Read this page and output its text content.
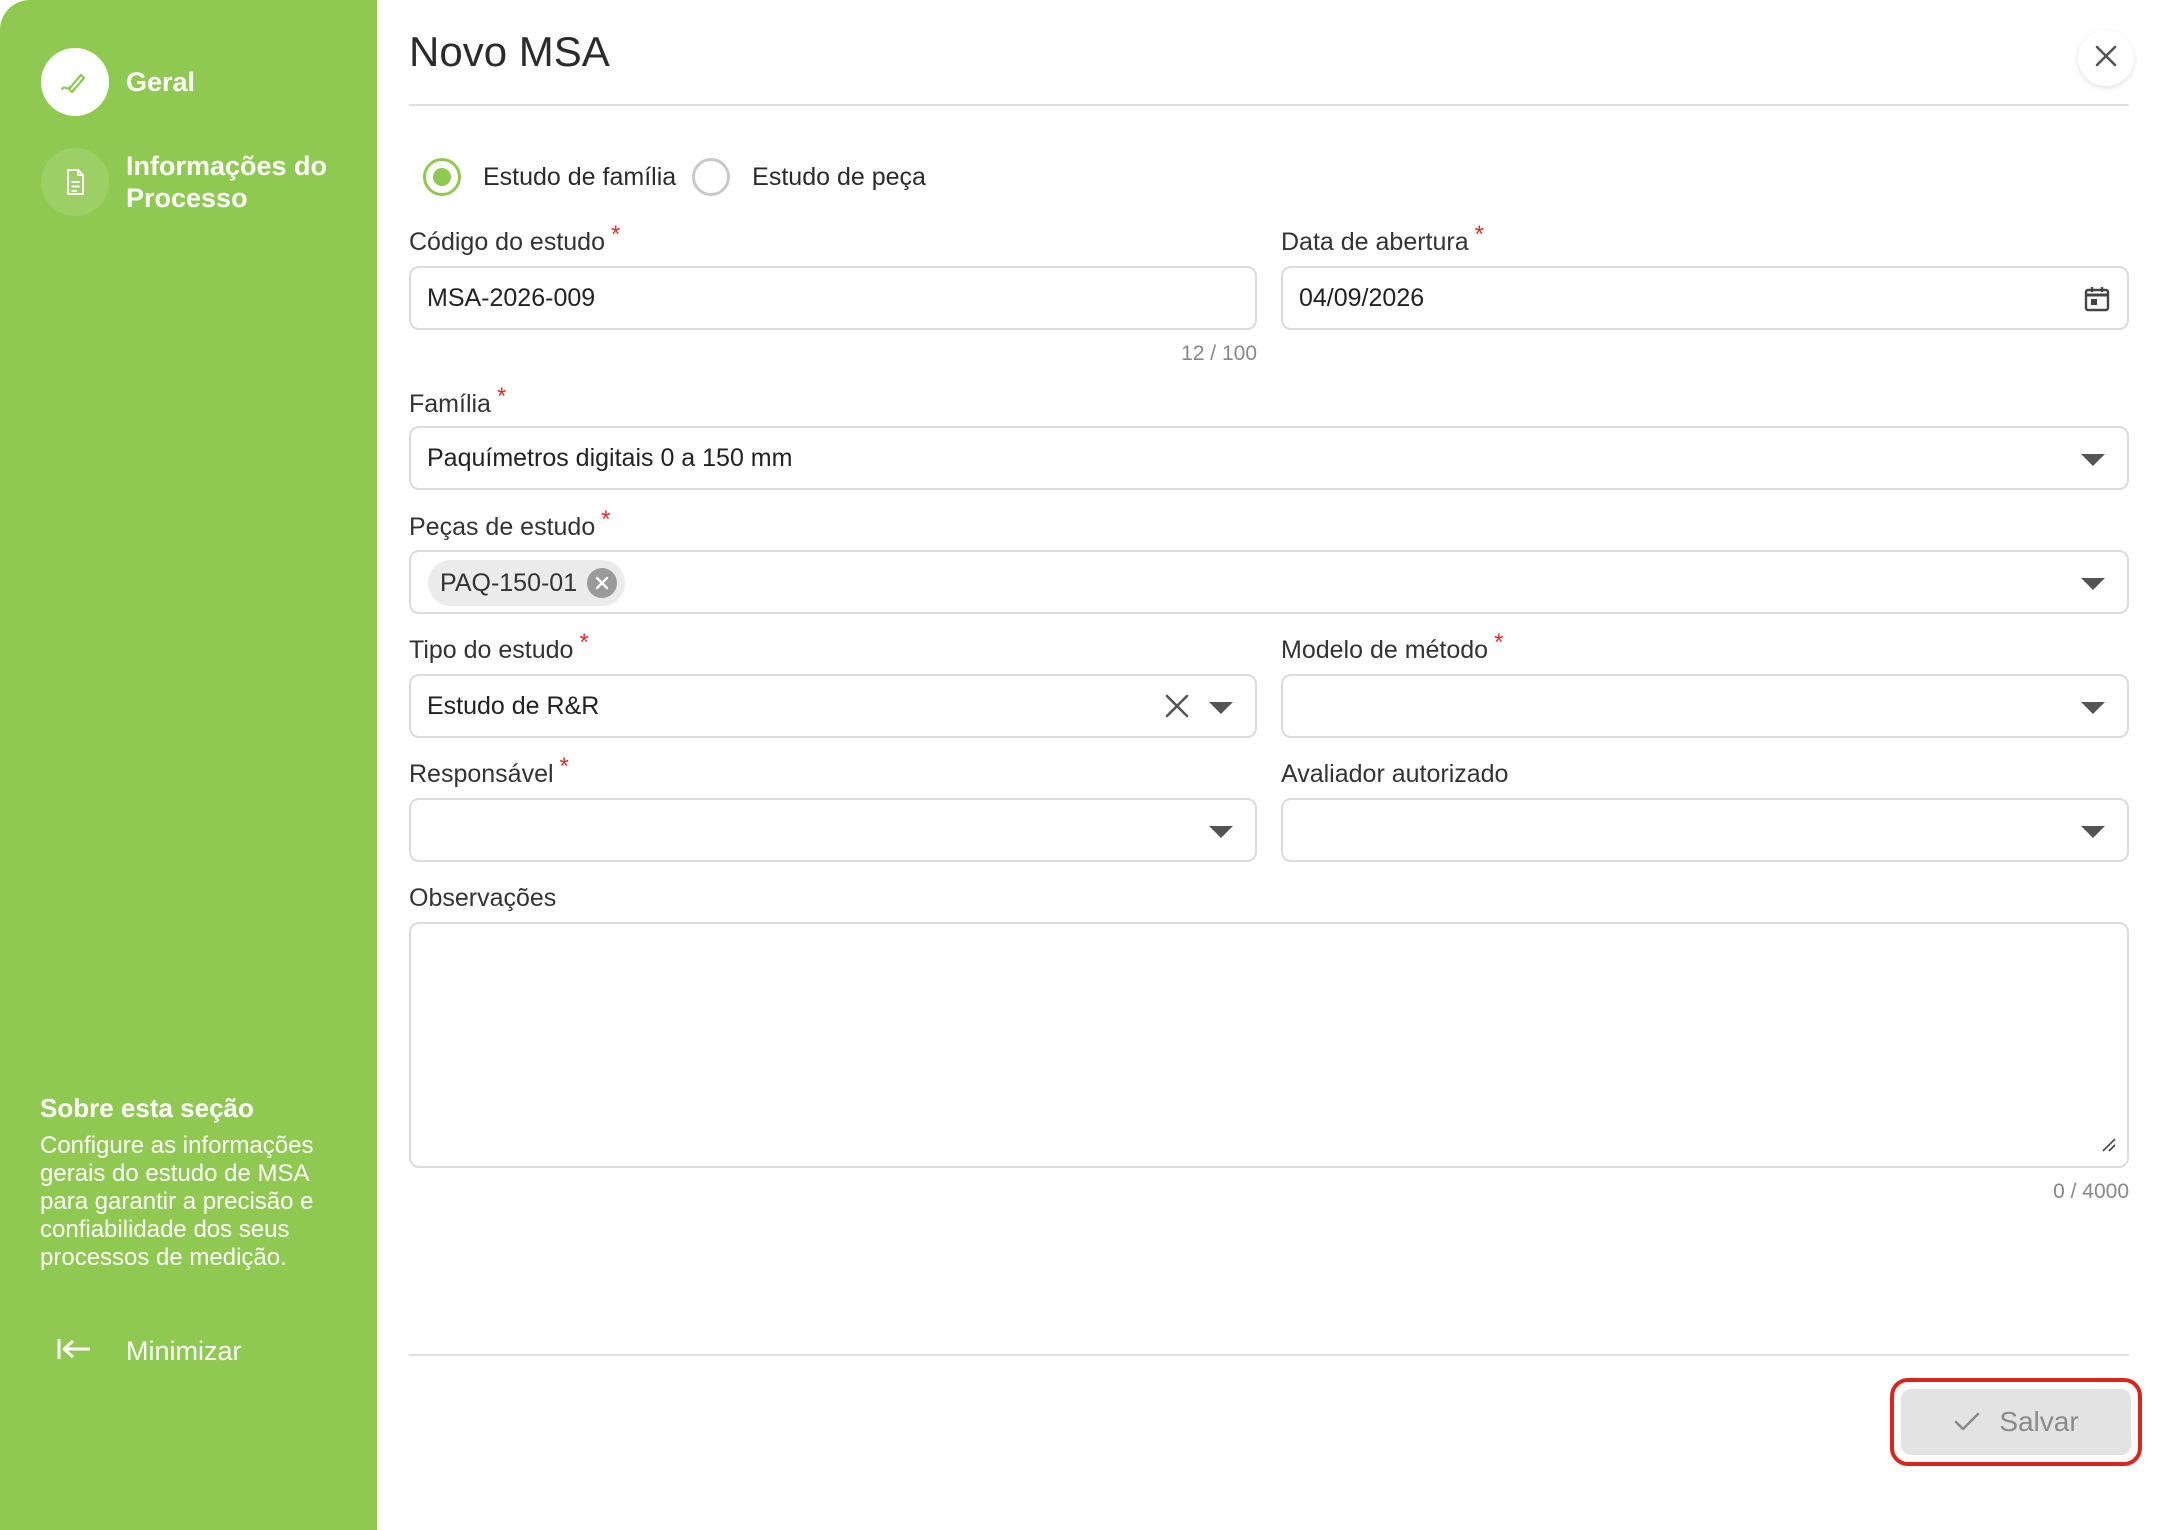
Geral
Informações do Processo
Sobre esta seção
Configure as informações gerais do estudo de MSA para garantir a precisão e confiabilidade dos seus processos de medição.
Minimizar
Novo MSA
Estudo de família	Estudo de peça
Código do estudo *
MSA-2026-009
12 / 100
Data de abertura *
04/09/2026
Família *
Paquímetros digitais 0 a 150 mm
Peças de estudo *
PAQ-150-01
Tipo do estudo *
Estudo de R&R
Modelo de método *
Responsável *	Avaliador autorizado
Observações
0 / 4000
Salvar
